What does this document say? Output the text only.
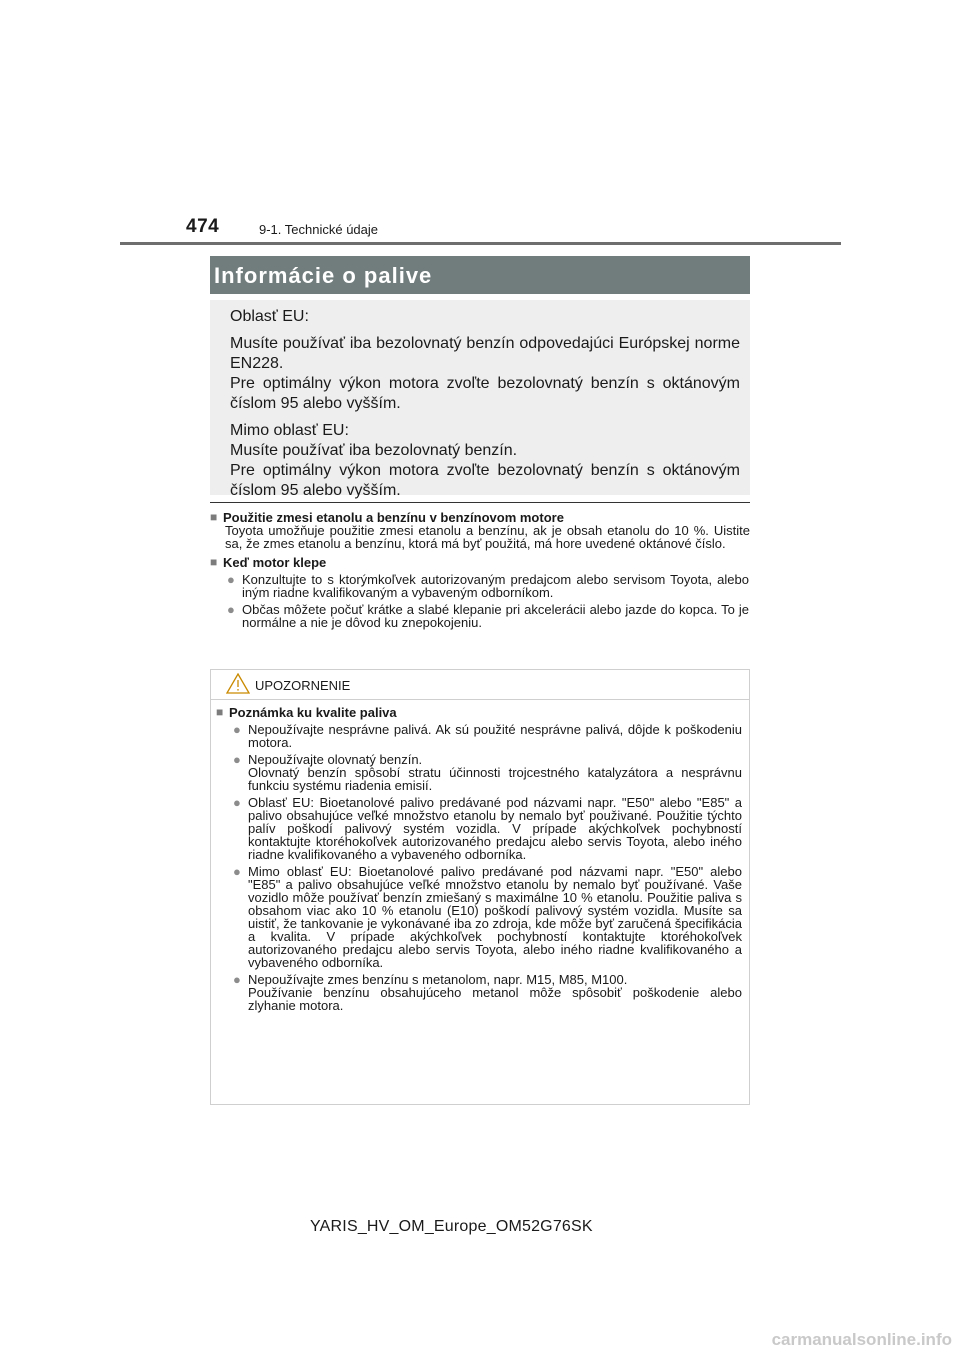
474	9-1. Technické údaje
Informácie o palive

Oblasť EU:

Musíte používať iba bezolovnatý benzín odpovedajúci Európskej norme EN228.

Pre optimálny výkon motora zvoľte bezolovnatý benzín s oktánovým číslom 95 alebo vyšším.

Mimo oblasť EU:

Musíte používať iba bezolovnatý benzín.

Pre optimálny výkon motora zvoľte bezolovnatý benzín s oktánovým číslom 95 alebo vyšším.

■ Použitie zmesi etanolu a benzínu v benzínovom motore
Toyota umožňuje použitie zmesi etanolu a benzínu, ak je obsah etanolu do 10 %. Uistite sa, že zmes etanolu a benzínu, ktorá má byť použitá, má hore uvedené oktánové číslo.
■ Keď motor klepe
● Konzultujte to s ktorýmkoľvek autorizovaným predajcom alebo servisom Toyota, alebo iným riadne kvalifikovaným a vybaveným odborníkom.
● Občas môžete počuť krátke a slabé klepanie pri akcelerácii alebo jazde do kopca. To je normálne a nie je dôvod ku znepokojeniu.
UPOZORNENIE
■ Poznámka ku kvalite paliva
● Nepoužívajte nesprávne palivá. Ak sú použité nesprávne palivá, dôjde k poškodeniu motora.
● Nepoužívajte olovnatý benzín.
Olovnatý benzín spôsobí stratu účinnosti trojcestného katalyzátora a nesprávnu funkciu systému riadenia emisií.
● Oblasť EU: Bioetanolové palivo predávané pod názvami napr. "E50" alebo "E85" a palivo obsahujúce veľké množstvo etanolu by nemalo byť použivané. Použitie týchto palív poškodí palivový systém vozidla. V prípade akýchkoľvek pochybností kontaktujte ktoréhokoľvek autorizovaného predajcu alebo servis Toyota, alebo iného riadne kvalifikovaného a vybaveného odborníka.
● Mimo oblasť EU: Bioetanolové palivo predávané pod názvami napr. "E50" alebo "E85" a palivo obsahujúce veľké množstvo etanolu by nemalo byť používané. Vaše vozidlo môže používať benzín zmiešaný s maximálne 10 % etanolu. Použitie paliva s obsahom viac ako 10 % etanolu (E10) poškodí palivový systém vozidla. Musíte sa uistiť, že tankovanie je vykonávané iba zo zdroja, kde môže byť zaručená špecifikácia a kvalita. V prípade akýchkoľvek pochybností kontaktujte ktoréhokoľvek autorizovaného predajcu alebo servis Toyota, alebo iného riadne kvalifikovaného a vybaveného odborníka.
● Nepoužívajte zmes benzínu s metanolom, napr. M15, M85, M100.
Používanie benzínu obsahujúceho metanol môže spôsobiť poškodenie alebo zlyhanie motora.
YARIS_HV_OM_Europe_OM52G76SK
carmanualsonline.info
